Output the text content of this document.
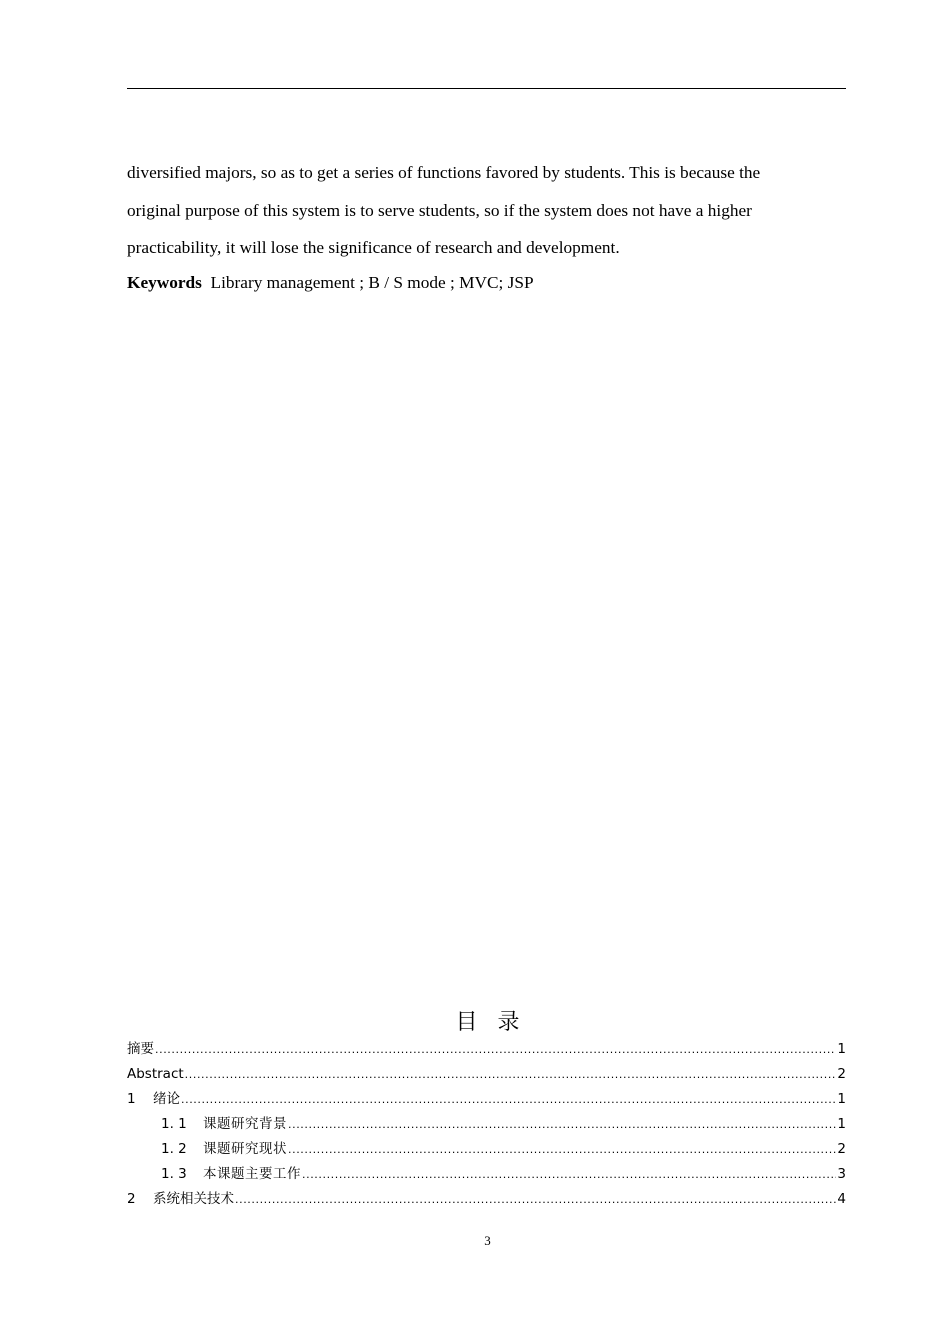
diversified majors, so as to get a series of functions favored by students. This is because the

original purpose of this system is to serve students, so if the system does not have a higher

practicability, it will lose the significance of research and development.

Keywords  Library management ; B / S mode ; MVC; JSP
目 录
摘要 .....	1
Abstract .....	2
1	绪论 .....	1
1. 1	课题研究背景 .....	1
1. 2	课题研究现状 .....	2
1. 3	本课题主要工作 .....	3
2	系统相关技术 .....	4
3
